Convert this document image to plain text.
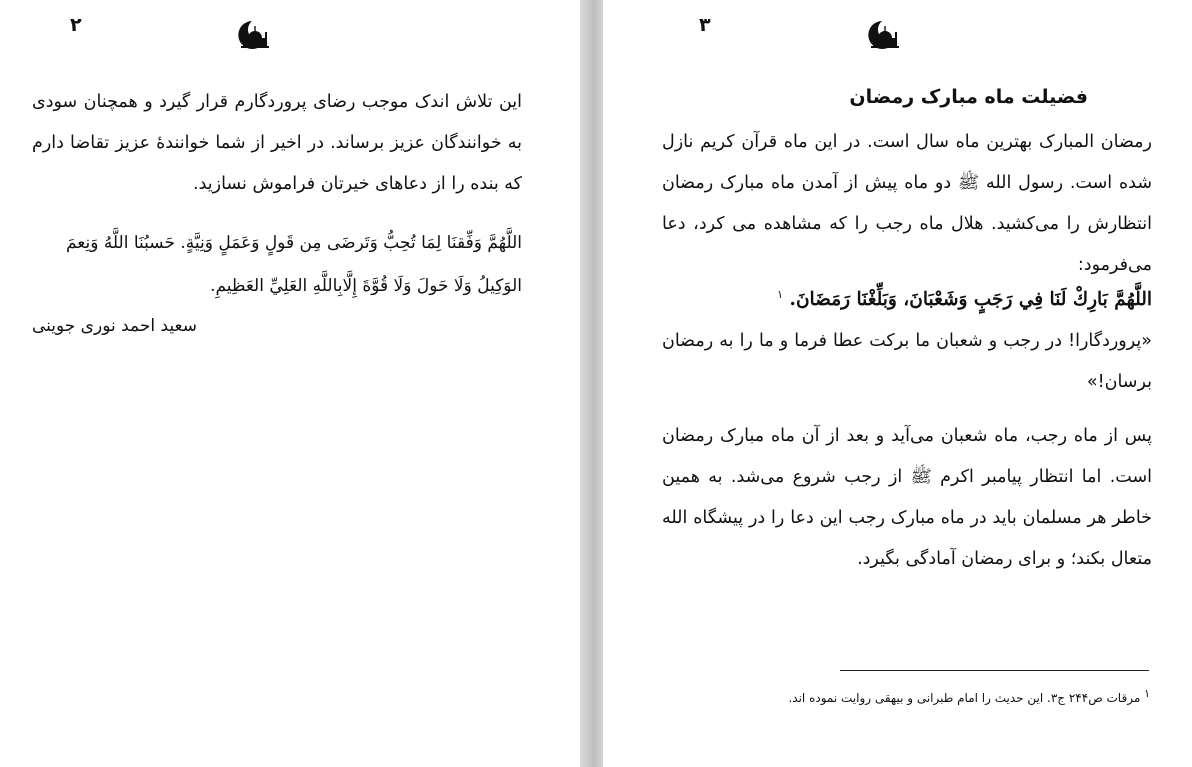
۲

این تلاش اندک موجب رضای پروردگارم قرار گیرد و همچنان سودی به خوانندگان عزیز برساند. در اخیر از شما خوانندهٔ عزیز تقاضا دارم که بنده را از دعاهای خیرتان فراموش نسازید.

اللَّهُمَّ وَفِّقنَا لِمَا تُحِبُّ وَتَرضَى مِن قَولٍ وَعَمَلٍ وَنِيَّةٍ. حَسبُنَا اللَّهُ وَنِعمَ الوَكِيلُ وَلَا حَولَ وَلَا قُوَّةَ إِلَّابِاللَّهِ العَلِيِّ العَظِيمِ.

سعید احمد نوری جوینی

۳
فضیلت ماه مبارک رمضان

رمضان المبارک بهترین ماه سال است. در این ماه قرآن کریم نازل شده است. رسول الله ﷺ دو ماه پیش از آمدن ماه مبارک رمضان انتظارش را می‌کشید. هلال ماه رجب را که مشاهده می کرد، دعا می‌فرمود:

اللَّهُمَّ بَارِكْ لَنَا فِي رَجَبٍ وَشَعْبَانَ، وَبَلِّغْنَا رَمَضَانَ. $^۱$

«پروردگارا! در رجب و شعبان ما برکت عطا فرما و ما را به رمضان برسان!»

پس از ماه رجب، ماه شعبان می‌آید و بعد از آن ماه مبارک رمضان است. اما انتظار پیامبر اکرم ﷺ از رجب شروع می‌شد. به همین خاطر هر مسلمان باید در ماه مبارک رجب این دعا را در پیشگاه الله متعال بکند؛ و برای رمضان آمادگی بگیرد.

۱ مرقات ص۲۴۴ ج۳. این حدیث را امام طبرانی و بیهقی روایت نموده اند.
